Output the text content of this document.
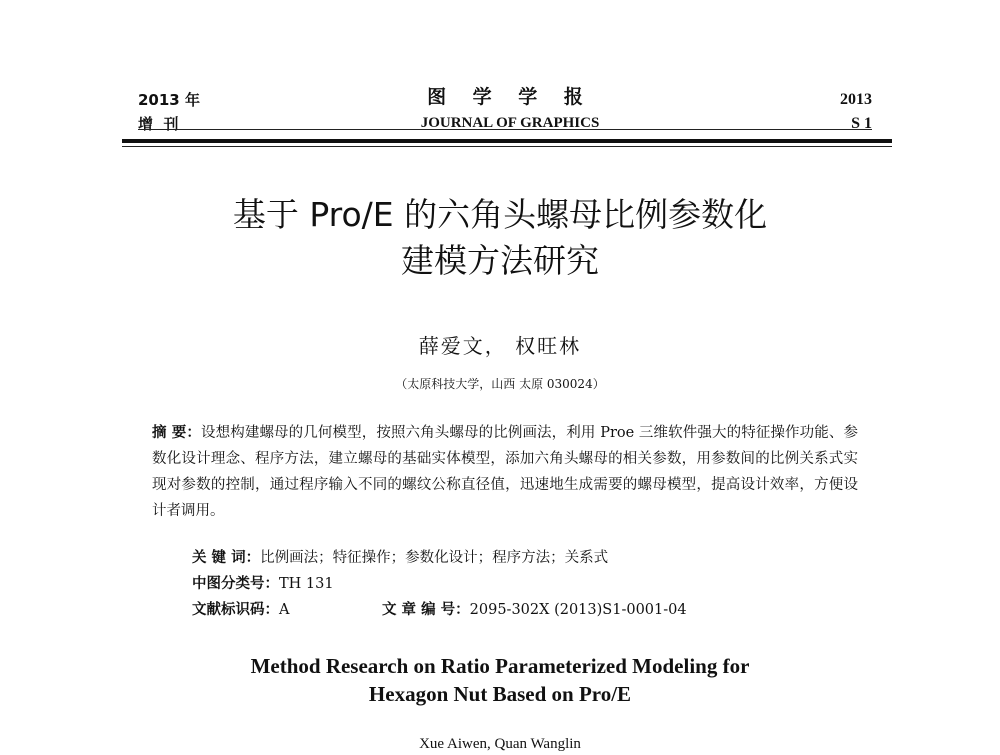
2013 年
增  刊
图 学 学 报
JOURNAL OF GRAPHICS
2013
S 1
基于 Pro/E 的六角头螺母比例参数化
建模方法研究
薛爱文， 权旺林
（太原科技大学，山西 太原 030024）
摘 要：设想构建螺母的几何模型，按照六角头螺母的比例画法，利用 Proe 三维软件强大的特征操作功能、参数化设计理念、程序方法，建立螺母的基础实体模型，添加六角头螺母的相关参数，用参数间的比例关系式实现对参数的控制，通过程序输入不同的螺纹公称直径值，迅速地生成需要的螺母模型，提高设计效率，方便设计者调用。
关 键 词：比例画法；特征操作；参数化设计；程序方法；关系式
中图分类号：TH 131
文献标识码：A	文 章 编 号：2095-302X (2013)S1-0001-04
Method Research on Ratio Parameterized Modeling for
Hexagon Nut Based on Pro/E
Xue Aiwen, Quan Wanglin
